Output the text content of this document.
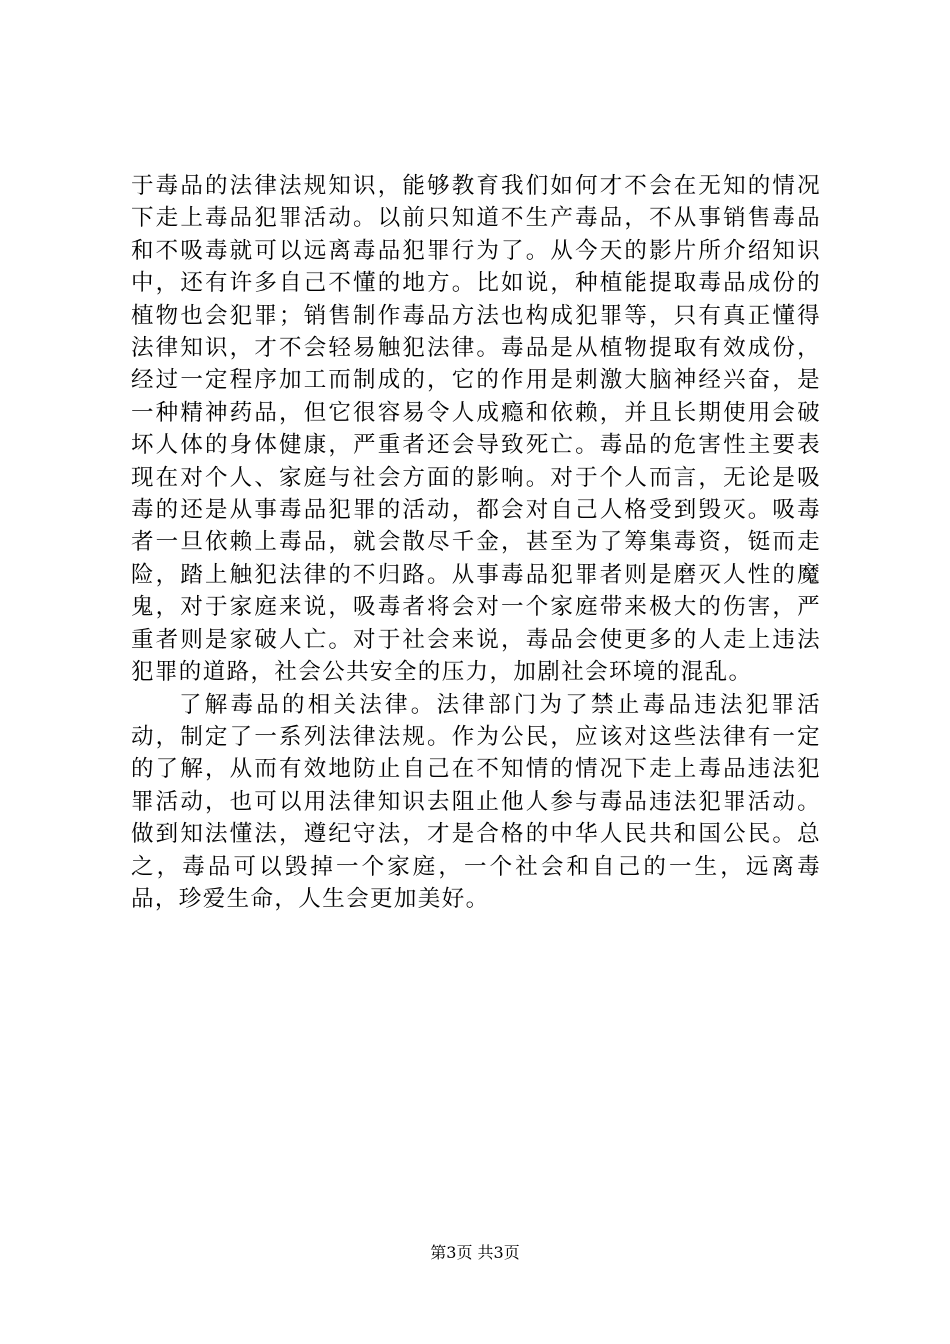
于毒品的法律法规知识，能够教育我们如何才不会在无知的情况下走上毒品犯罪活动。以前只知道不生产毒品，不从事销售毒品和不吸毒就可以远离毒品犯罪行为了。从今天的影片所介绍知识中，还有许多自己不懂的地方。比如说，种植能提取毒品成份的植物也会犯罪；销售制作毒品方法也构成犯罪等，只有真正懂得法律知识，才不会轻易触犯法律。毒品是从植物提取有效成份，经过一定程序加工而制成的，它的作用是刺激大脑神经兴奋，是一种精神药品，但它很容易令人成瘾和依赖，并且长期使用会破坏人体的身体健康，严重者还会导致死亡。毒品的危害性主要表现在对个人、家庭与社会方面的影响。对于个人而言，无论是吸毒的还是从事毒品犯罪的活动，都会对自己人格受到毁灭。吸毒者一旦依赖上毒品，就会散尽千金，甚至为了筹集毒资，铤而走险，踏上触犯法律的不归路。从事毒品犯罪者则是磨灭人性的魔鬼，对于家庭来说，吸毒者将会对一个家庭带来极大的伤害，严重者则是家破人亡。对于社会来说，毒品会使更多的人走上违法犯罪的道路，社会公共安全的压力，加剧社会环境的混乱。

了解毒品的相关法律。法律部门为了禁止毒品违法犯罪活动，制定了一系列法律法规。作为公民，应该对这些法律有一定的了解，从而有效地防止自己在不知情的情况下走上毒品违法犯罪活动，也可以用法律知识去阻止他人参与毒品违法犯罪活动。做到知法懂法，遵纪守法，才是合格的中华人民共和国公民。总之，毒品可以毁掉一个家庭，一个社会和自己的一生，远离毒品，珍爱生命，人生会更加美好。

第3页 共3页
